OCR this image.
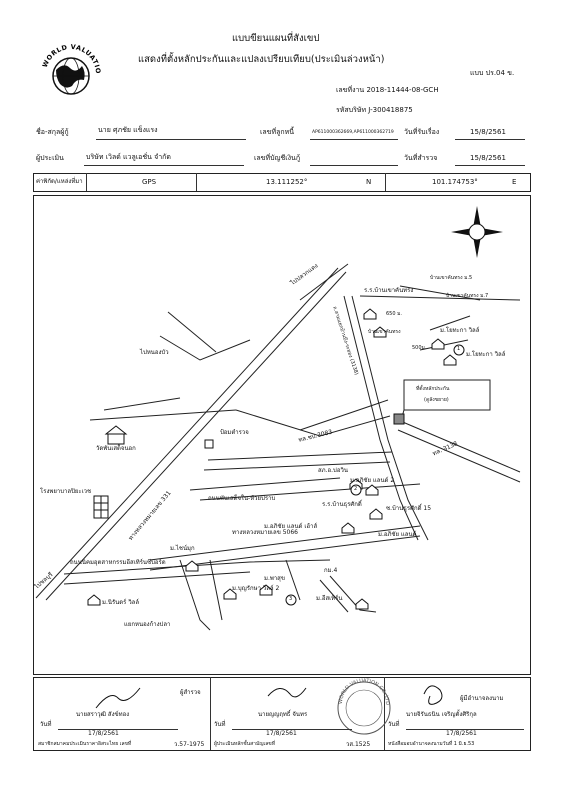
WORLD VALUATIO
แบบขียนแผนที่สังเขป
แสดงที่ตั้งหลักประกันและแปลงเปรียบเทียบ(ประเมินล่วงหน้า)
แบบ ปร.04 ข.
เลขที่งาน 2018-11444-08-GCH
รหัสบริษัท J-300418875
ชื่อ-สกุลผู้กู้	นาย ศุภชัย แข็งแรง	เลขที่ลูกหนี้	AP611000362669,AP611000362719 วันที่รับเรื่อง	15/8/2561
ผู้ประเมิน	บริษัท เวิลด์ แวลูเอชั่น จำกัด	เลขที่บัญชีเงินกู้	วันที่สำรวจ	15/8/2561
ค่าพิกัด/แหล่งที่มา	GPS	13.111252°	N	101.174753°	E
ไปปลวกแดง
ไปหนองบัว
วัดพันเสด็จนอก
ป้อมตำรวจ
โรงพยาบาลปิยะเวช	ทางหลวงหมายเลข 331	ถนนพันเสด็จใน-ห้วยปราบ
ทางหลวงหมายเลข 5066
ถนนนิคมอุตสาหกรรมอีสเทิร์นซีบอร์ด
แยกหนองก้างปลา
ไปชลบุรี
ร.ร.บ้านเขาคันทรง
บ้านเขาคันทรง ม.5
บ้านเขาคันทรง ม.7
650 ม.
500ม.
บ้านเขาคันทรง
ถ.สามแยกบ้านบึง-ระยอง (3138)
ทล.ชบ.3083
ทล. 3138
สภ.อ.บ่อวิน
ร.ร.บ้านธุรศักดิ์
ซ.บ้านธุรศักดิ์ 15
ม.โยทะกา วิลล์
ม.โยทะกา วิลล์
ม.อภิชัย แลนด์ 2
ม.อภิชัย แลนด์ เฮ้าส์
ม.อภิชัย แลนด์
ม.ไชน์มุก
ม.พาสุข
ม.บุญรักษา วิลล์ 2
กม.4
ม.อีสเทิร์น
ม.นิรันดร์ วิลล์
ที่ตั้งหลักประกัน
(ดูลังขยาย)
1
2
3
WORLD VALUATION CO.,LTD
ผู้สำรวจ
นายสราวุฒิ สังข์ทอง
วันที่
17/8/2561
สมาชิกสมาคมประเมินราคาอิสระไทย เลขที่	ว.57-1975
นายญญฤทธิ์ จันทร
วันที่
17/8/2561
ผู้ประเมินหลักชั้นสามัญเลขที่	วส.1525
ผู้มีอำนาจลงนาม
นายจิรันธนิน เจริญตั้งศิริกุล
วันที่
17/8/2561
หนังสือมอบอำนาจลงนามวันที่ 1 มิ.ย.53
